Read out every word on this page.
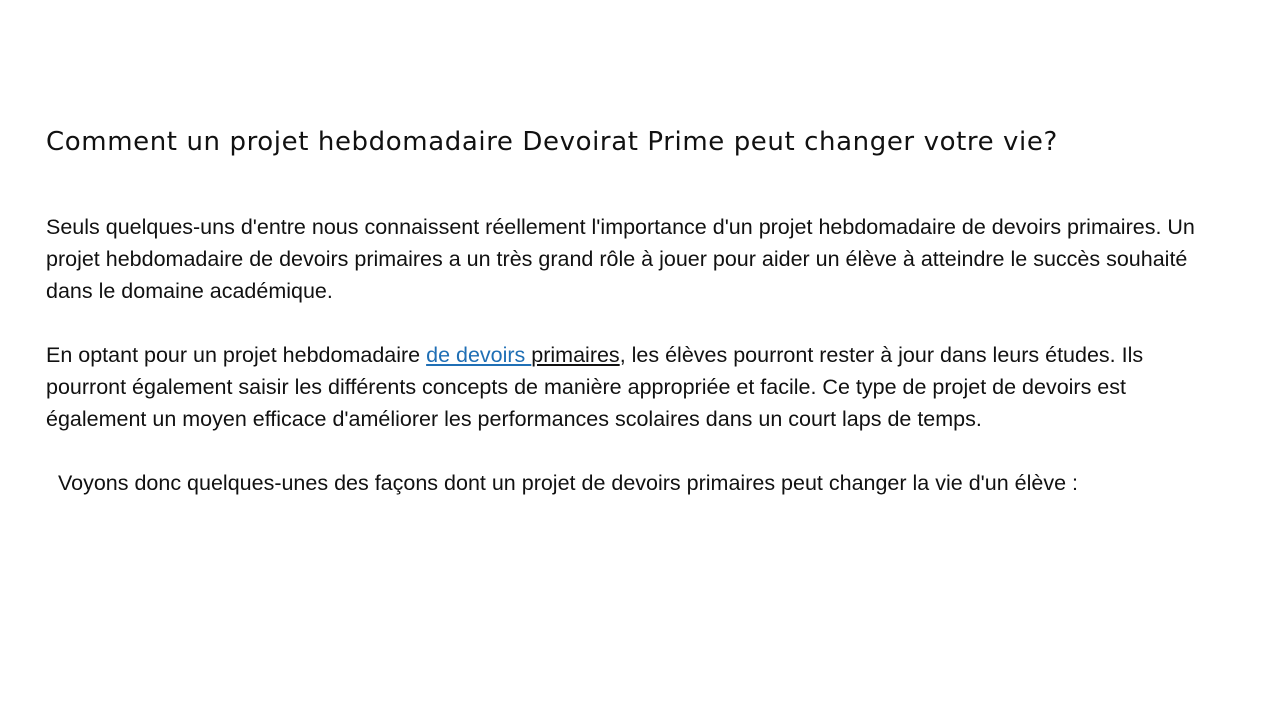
Comment un projet hebdomadaire Devoirat Prime peut changer votre vie?

Seuls quelques-uns d'entre nous connaissent réellement l'importance d'un projet hebdomadaire de devoirs primaires. Un projet hebdomadaire de devoirs primaires a un très grand rôle à jouer pour aider un élève à atteindre le succès souhaité dans le domaine académique.

En optant pour un projet hebdomadaire de devoirs primaires, les élèves pourront rester à jour dans leurs études. Ils pourront également saisir les différents concepts de manière appropriée et facile. Ce type de projet de devoirs est également un moyen efficace d'améliorer les performances scolaires dans un court laps de temps.

Voyons donc quelques-unes des façons dont un projet de devoirs primaires peut changer la vie d'un élève :
